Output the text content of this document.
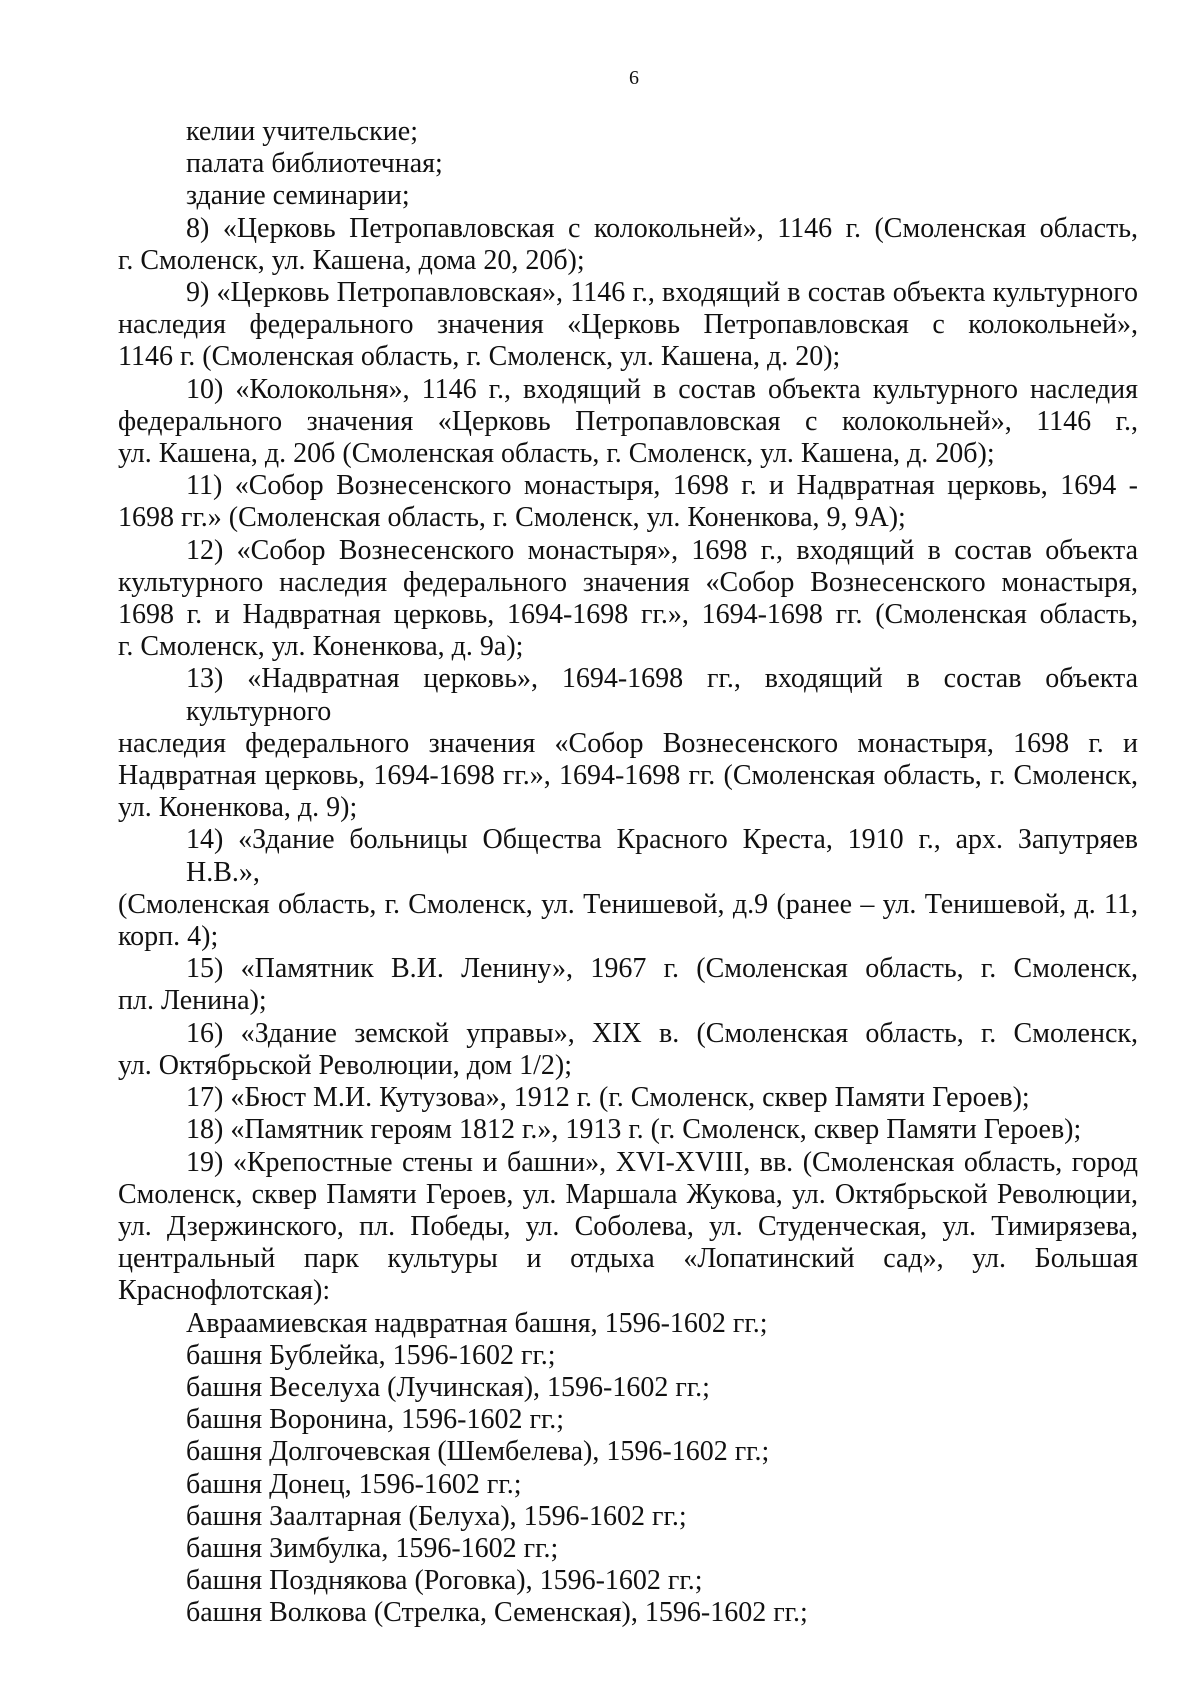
6
келии учительские;
палата библиотечная;
здание семинарии;
8) «Церковь Петропавловская с колокольней», 1146 г. (Смоленская область,
г. Смоленск, ул. Кашена, дома 20, 20б);
9) «Церковь Петропавловская», 1146 г., входящий в состав объекта культурного
наследия федерального значения «Церковь Петропавловская с колокольней»,
1146 г. (Смоленская область, г. Смоленск, ул. Кашена, д. 20);
10) «Колокольня», 1146 г., входящий в состав объекта культурного наследия
федерального значения «Церковь Петропавловская с колокольней», 1146 г.,
ул. Кашена, д. 20б (Смоленская область, г. Смоленск, ул. Кашена, д. 20б);
11) «Собор Вознесенского монастыря, 1698 г. и Надвратная церковь, 1694 -
1698 гг.» (Смоленская область, г. Смоленск, ул. Коненкова, 9, 9А);
12) «Собор Вознесенского монастыря», 1698 г., входящий в состав объекта
культурного наследия федерального значения «Собор Вознесенского монастыря,
1698 г. и Надвратная церковь, 1694-1698 гг.», 1694-1698 гг. (Смоленская область,
г. Смоленск, ул. Коненкова, д. 9а);
13) «Надвратная церковь», 1694-1698 гг., входящий в состав объекта культурного
наследия федерального значения «Собор Вознесенского монастыря, 1698 г. и
Надвратная церковь, 1694-1698 гг.», 1694-1698 гг. (Смоленская область, г. Смоленск,
ул. Коненкова, д. 9);
14) «Здание больницы Общества Красного Креста, 1910 г., арх. Запутряев Н.В.»,
(Смоленская область, г. Смоленск, ул. Тенишевой, д.9 (ранее – ул. Тенишевой, д. 11,
корп. 4);
15) «Памятник В.И. Ленину», 1967 г. (Смоленская область, г. Смоленск,
пл. Ленина);
16) «Здание земской управы», XIX в. (Смоленская область, г. Смоленск,
ул. Октябрьской Революции, дом 1/2);
17) «Бюст М.И. Кутузова», 1912 г. (г. Смоленск, сквер Памяти Героев);
18) «Памятник героям 1812 г.», 1913 г. (г. Смоленск, сквер Памяти Героев);
19) «Крепостные стены и башни», XVI-XVIII, вв. (Смоленская область, город
Смоленск, сквер Памяти Героев, ул. Маршала Жукова, ул. Октябрьской Революции,
ул. Дзержинского, пл. Победы, ул. Соболева, ул. Студенческая, ул. Тимирязева,
центральный парк культуры и отдыха «Лопатинский сад», ул. Большая
Краснофлотская):
Авраамиевская надвратная башня, 1596-1602 гг.;
башня Бублейка, 1596-1602 гг.;
башня Веселуха (Лучинская), 1596-1602 гг.;
башня Воронина, 1596-1602 гг.;
башня Долгочевская (Шембелева), 1596-1602 гг.;
башня Донец, 1596-1602 гг.;
башня Заалтарная (Белуха), 1596-1602 гг.;
башня Зимбулка, 1596-1602 гг.;
башня Позднякова (Роговка), 1596-1602 гг.;
башня Волкова (Стрелка, Семенская), 1596-1602 гг.;
